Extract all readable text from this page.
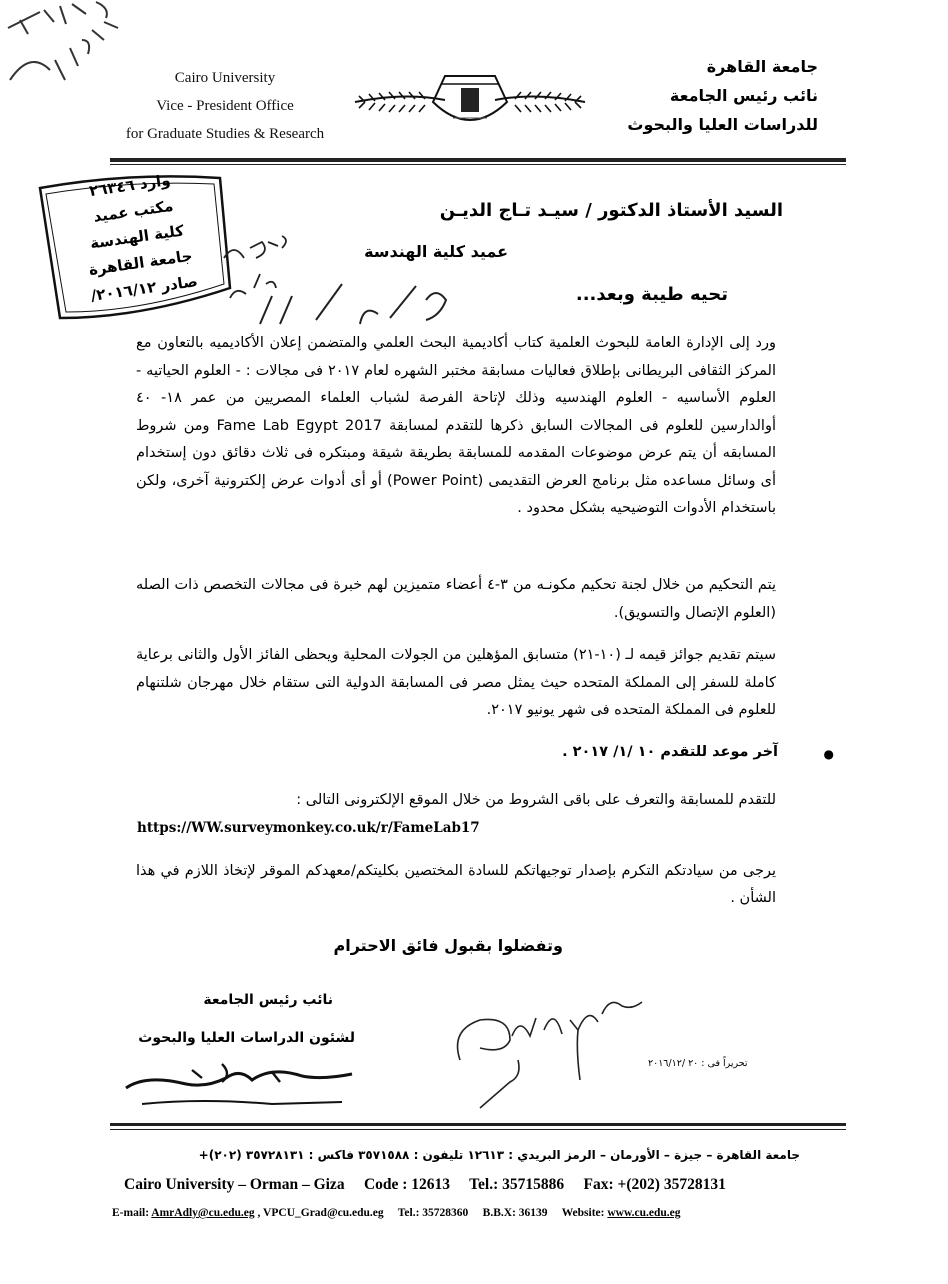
Cairo University
Vice - President Office
for Graduate Studies & Research
جامعة القاهرة
نائب رئيس الجامعة
للدراسات العليا والبحوث
وارد ٢٦٣٤٦
مكتب عميد
كلية الهندسة
جامعة القاهرة
صادر ٢٠١٦/١٢/
السيد الأستاذ الدكتور / سيـد تـاج الديـن
عميد كلية الهندسة
تحيه طيبة وبعد...
ورد إلى الإدارة العامة للبحوث العلمية كتاب أكاديمية البحث العلمي والمتضمن إعلان الأكاديميه بالتعاون مع المركز الثقافى البريطانى بإطلاق فعاليات مسابقة مختبر الشهره لعام ٢٠١٧ فى مجالات : - العلوم الحياتيه - العلوم الأساسيه - العلوم الهندسيه وذلك لإتاحة الفرصة لشباب العلماء المصريين من عمر ١٨- ٤٠ أوالدارسين للعلوم فى المجالات السابق ذكرها للتقدم لمسابقة Fame Lab Egypt 2017 ومن شروط المسابقه أن يتم عرض موضوعات المقدمه للمسابقة بطريقة شيقة ومبتكره فى ثلاث دقائق دون إستخدام أى وسائل مساعده مثل برنامج العرض التقديمى (Power Point) أو أى أدوات عرض إلكترونية آخرى، ولكن باستخدام الأدوات التوضيحيه بشكل محدود .
يتم التحكيم من خلال لجنة تحكيم مكونـه من ٣-٤ أعضاء متميزين لهم خبرة فى مجالات التخصص ذات الصله (العلوم الإتصال والتسويق).
سيتم تقديم جوائز قيمه لـ (١٠-٢١) متسابق المؤهلين من الجولات المحلية ويحظى الفائز الأول والثانى برعاية كاملة للسفر إلى المملكة المتحده حيث يمثل مصر فى المسابقة الدولية التى ستقام خلال مهرجان شلتنهام للعلوم فى المملكة المتحده فى شهر يونيو ٢٠١٧.
●
آخر موعد للتقدم ١٠ /١/ ٢٠١٧ .
للتقدم للمسابقة والتعرف على باقى الشروط من خلال الموقع الإلكترونى التالى :
https://WW.surveymonkey.co.uk/r/FameLab17
يرجى من سيادتكم التكرم بإصدار توجيهاتكم للسادة المختصين بكليتكم/معهدكم الموقر لإتخاذ اللازم في هذا الشأن .
وتفضلوا بقبول فائق الاحترام
نائب رئيس الجامعة
لشئون الدراسات العليا والبحوث
تحريراً فى : ٢٠ /٢٠١٦/١٢
جامعة القاهرة – جيزة – الأورمان – الرمز البريدي : ١٢٦١٣ تليفون : ٣٥٧١٥٨٨ فاكس : ٣٥٧٢٨١٣١ (٢٠٢)+
Cairo University – Orman – Giza     Code : 12613     Tel.: 35715886     Fax: +(202) 35728131
E-mail: AmrAdly@cu.edu.eg , VPCU_Grad@cu.edu.eg     Tel.: 35728360     B.B.X: 36139     Website: www.cu.edu.eg
